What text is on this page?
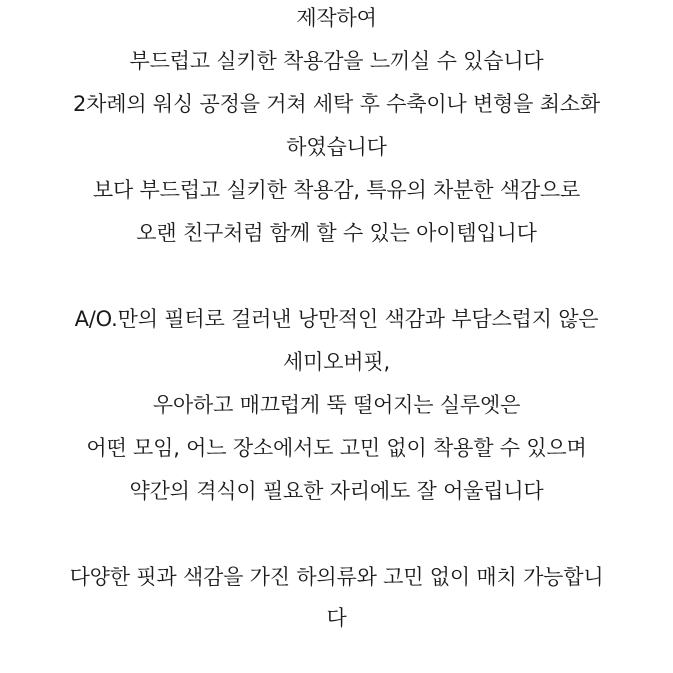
제작하여
부드럽고 실키한 착용감을 느끼실 수 있습니다
2차례의 워싱 공정을 거쳐 세탁 후 수축이나 변형을 최소화
하였습니다
보다 부드럽고 실키한 착용감, 특유의 차분한 색감으로
오랜 친구처럼 함께 할 수 있는 아이템입니다
A/O.만의 필터로 걸러낸 낭만적인 색감과 부담스럽지 않은
세미오버핏,
우아하고 매끄럽게 뚝 떨어지는 실루엣은
어떤 모임, 어느 장소에서도 고민 없이 착용할 수 있으며
약간의 격식이 필요한 자리에도 잘 어울립니다
다양한 핏과 색감을 가진 하의류와 고민 없이 매치 가능합니
다
